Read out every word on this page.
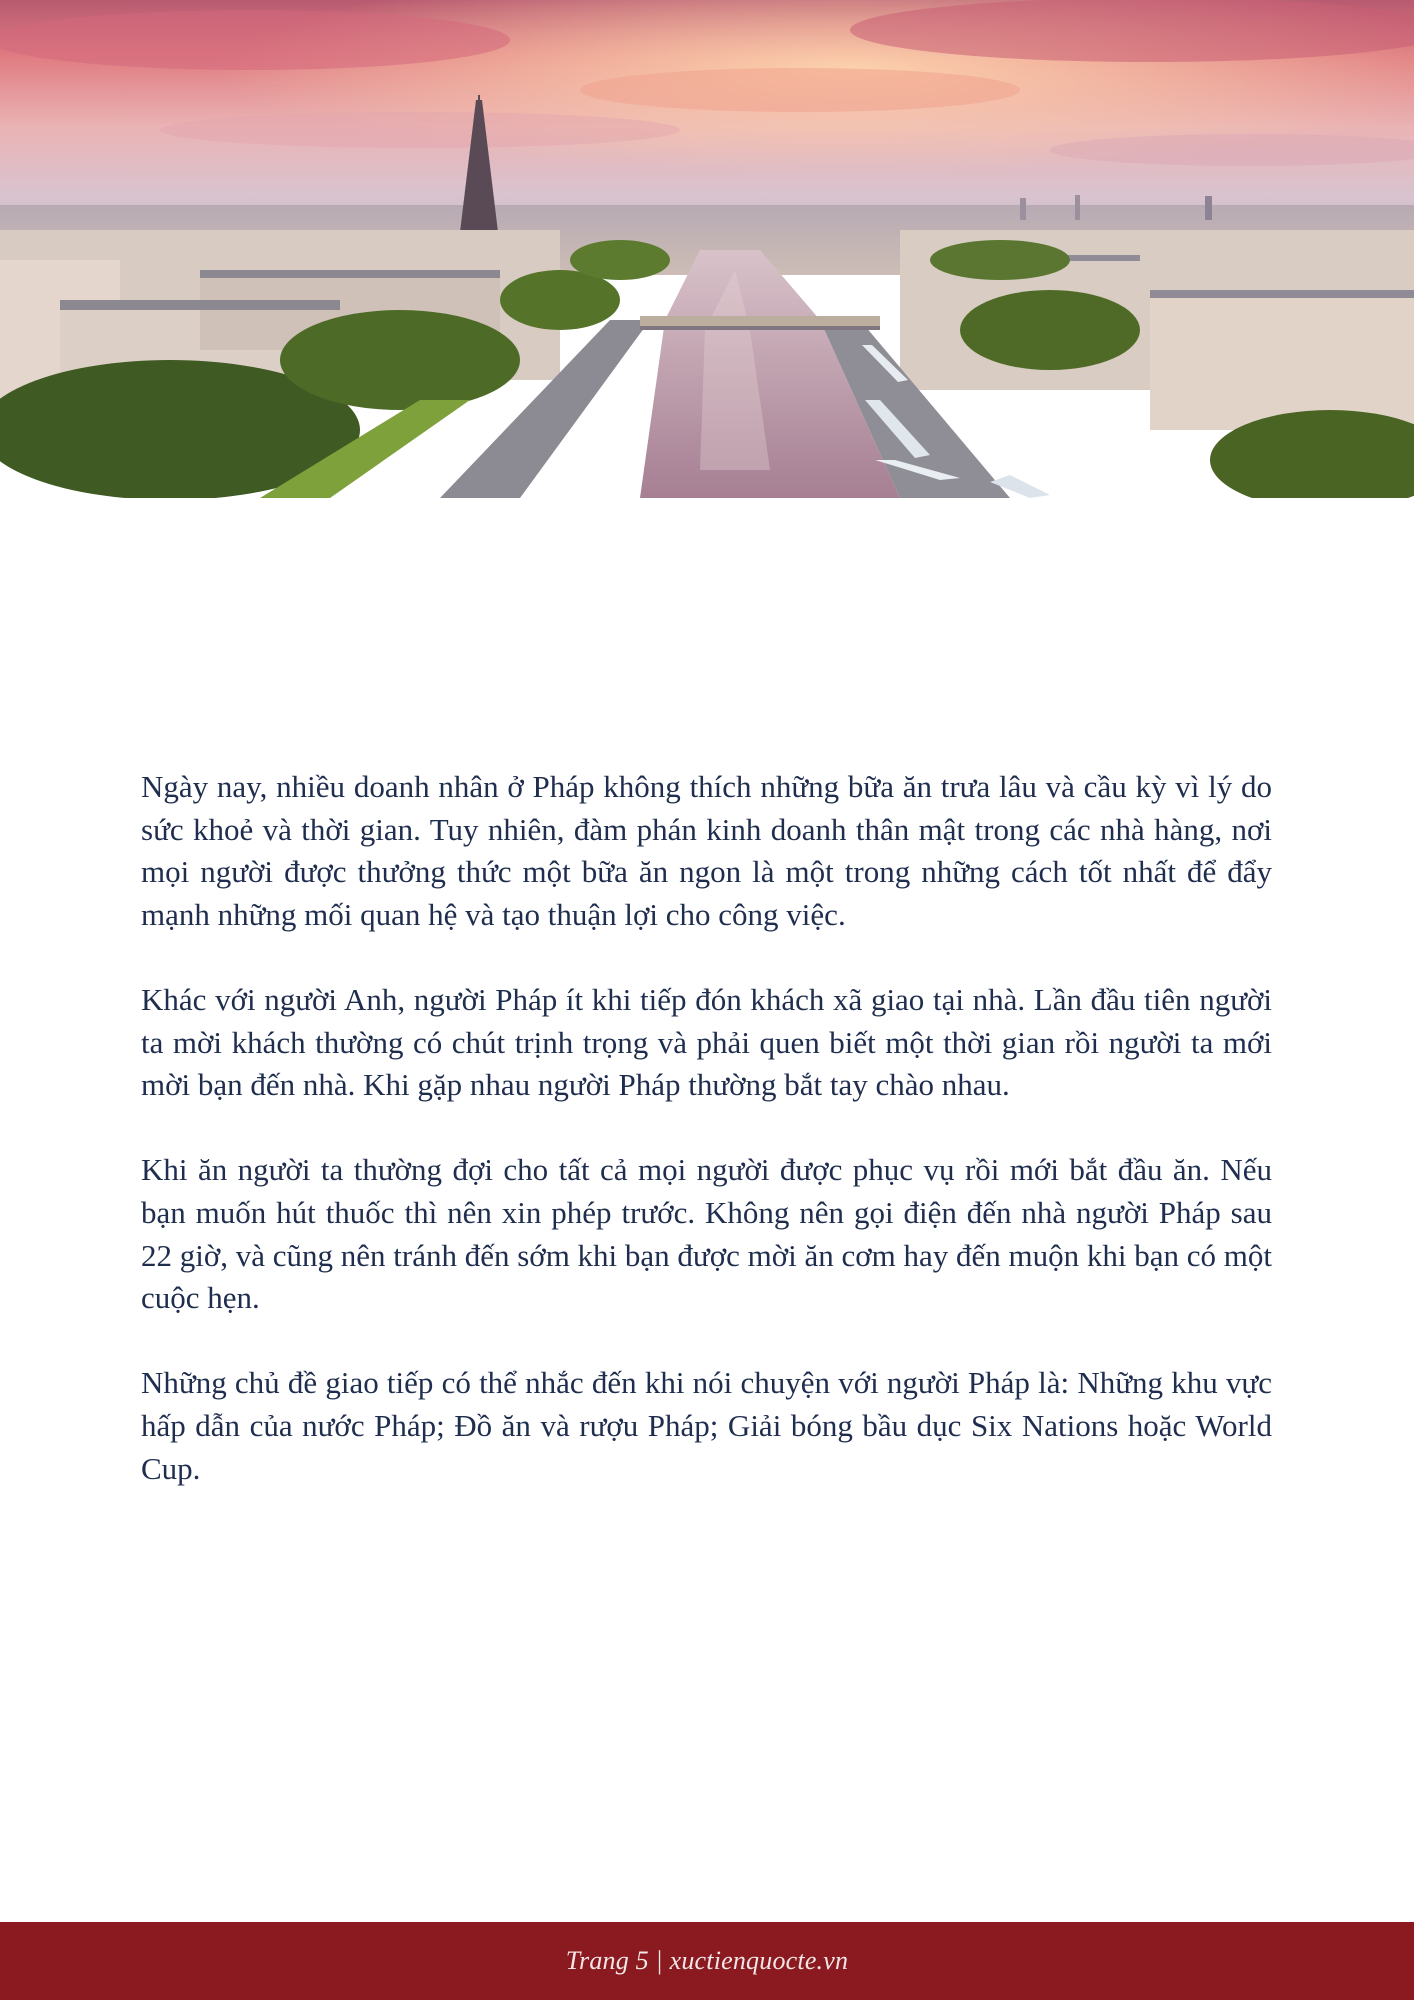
Ngày nay, nhiều doanh nhân ở Pháp không thích những bữa ăn trưa lâu và cầu kỳ vì lý do sức khoẻ và thời gian. Tuy nhiên, đàm phán kinh doanh thân mật trong các nhà hàng, nơi mọi người được thưởng thức một bữa ăn ngon là một trong những cách tốt nhất để đẩy mạnh những mối quan hệ và tạo thuận lợi cho công việc.

Khác với người Anh, người Pháp ít khi tiếp đón khách xã giao tại nhà. Lần đầu tiên người ta mời khách thường có chút trịnh trọng và phải quen biết một thời gian rồi người ta mới mời bạn đến nhà. Khi gặp nhau người Pháp thường bắt tay chào nhau.

Khi ăn người ta thường đợi cho tất cả mọi người được phục vụ rồi mới bắt đầu ăn. Nếu bạn muốn hút thuốc thì nên xin phép trước. Không nên gọi điện đến nhà người Pháp sau 22 giờ, và cũng nên tránh đến sớm khi bạn được mời ăn cơm hay đến muộn khi bạn có một cuộc hẹn.

Những chủ đề giao tiếp có thể nhắc đến khi nói chuyện với người Pháp là: Những khu vực hấp dẫn của nước Pháp; Đồ ăn và rượu Pháp; Giải bóng bầu dục Six Nations hoặc World Cup.

Trang 5 | xuctienquocte.vn
